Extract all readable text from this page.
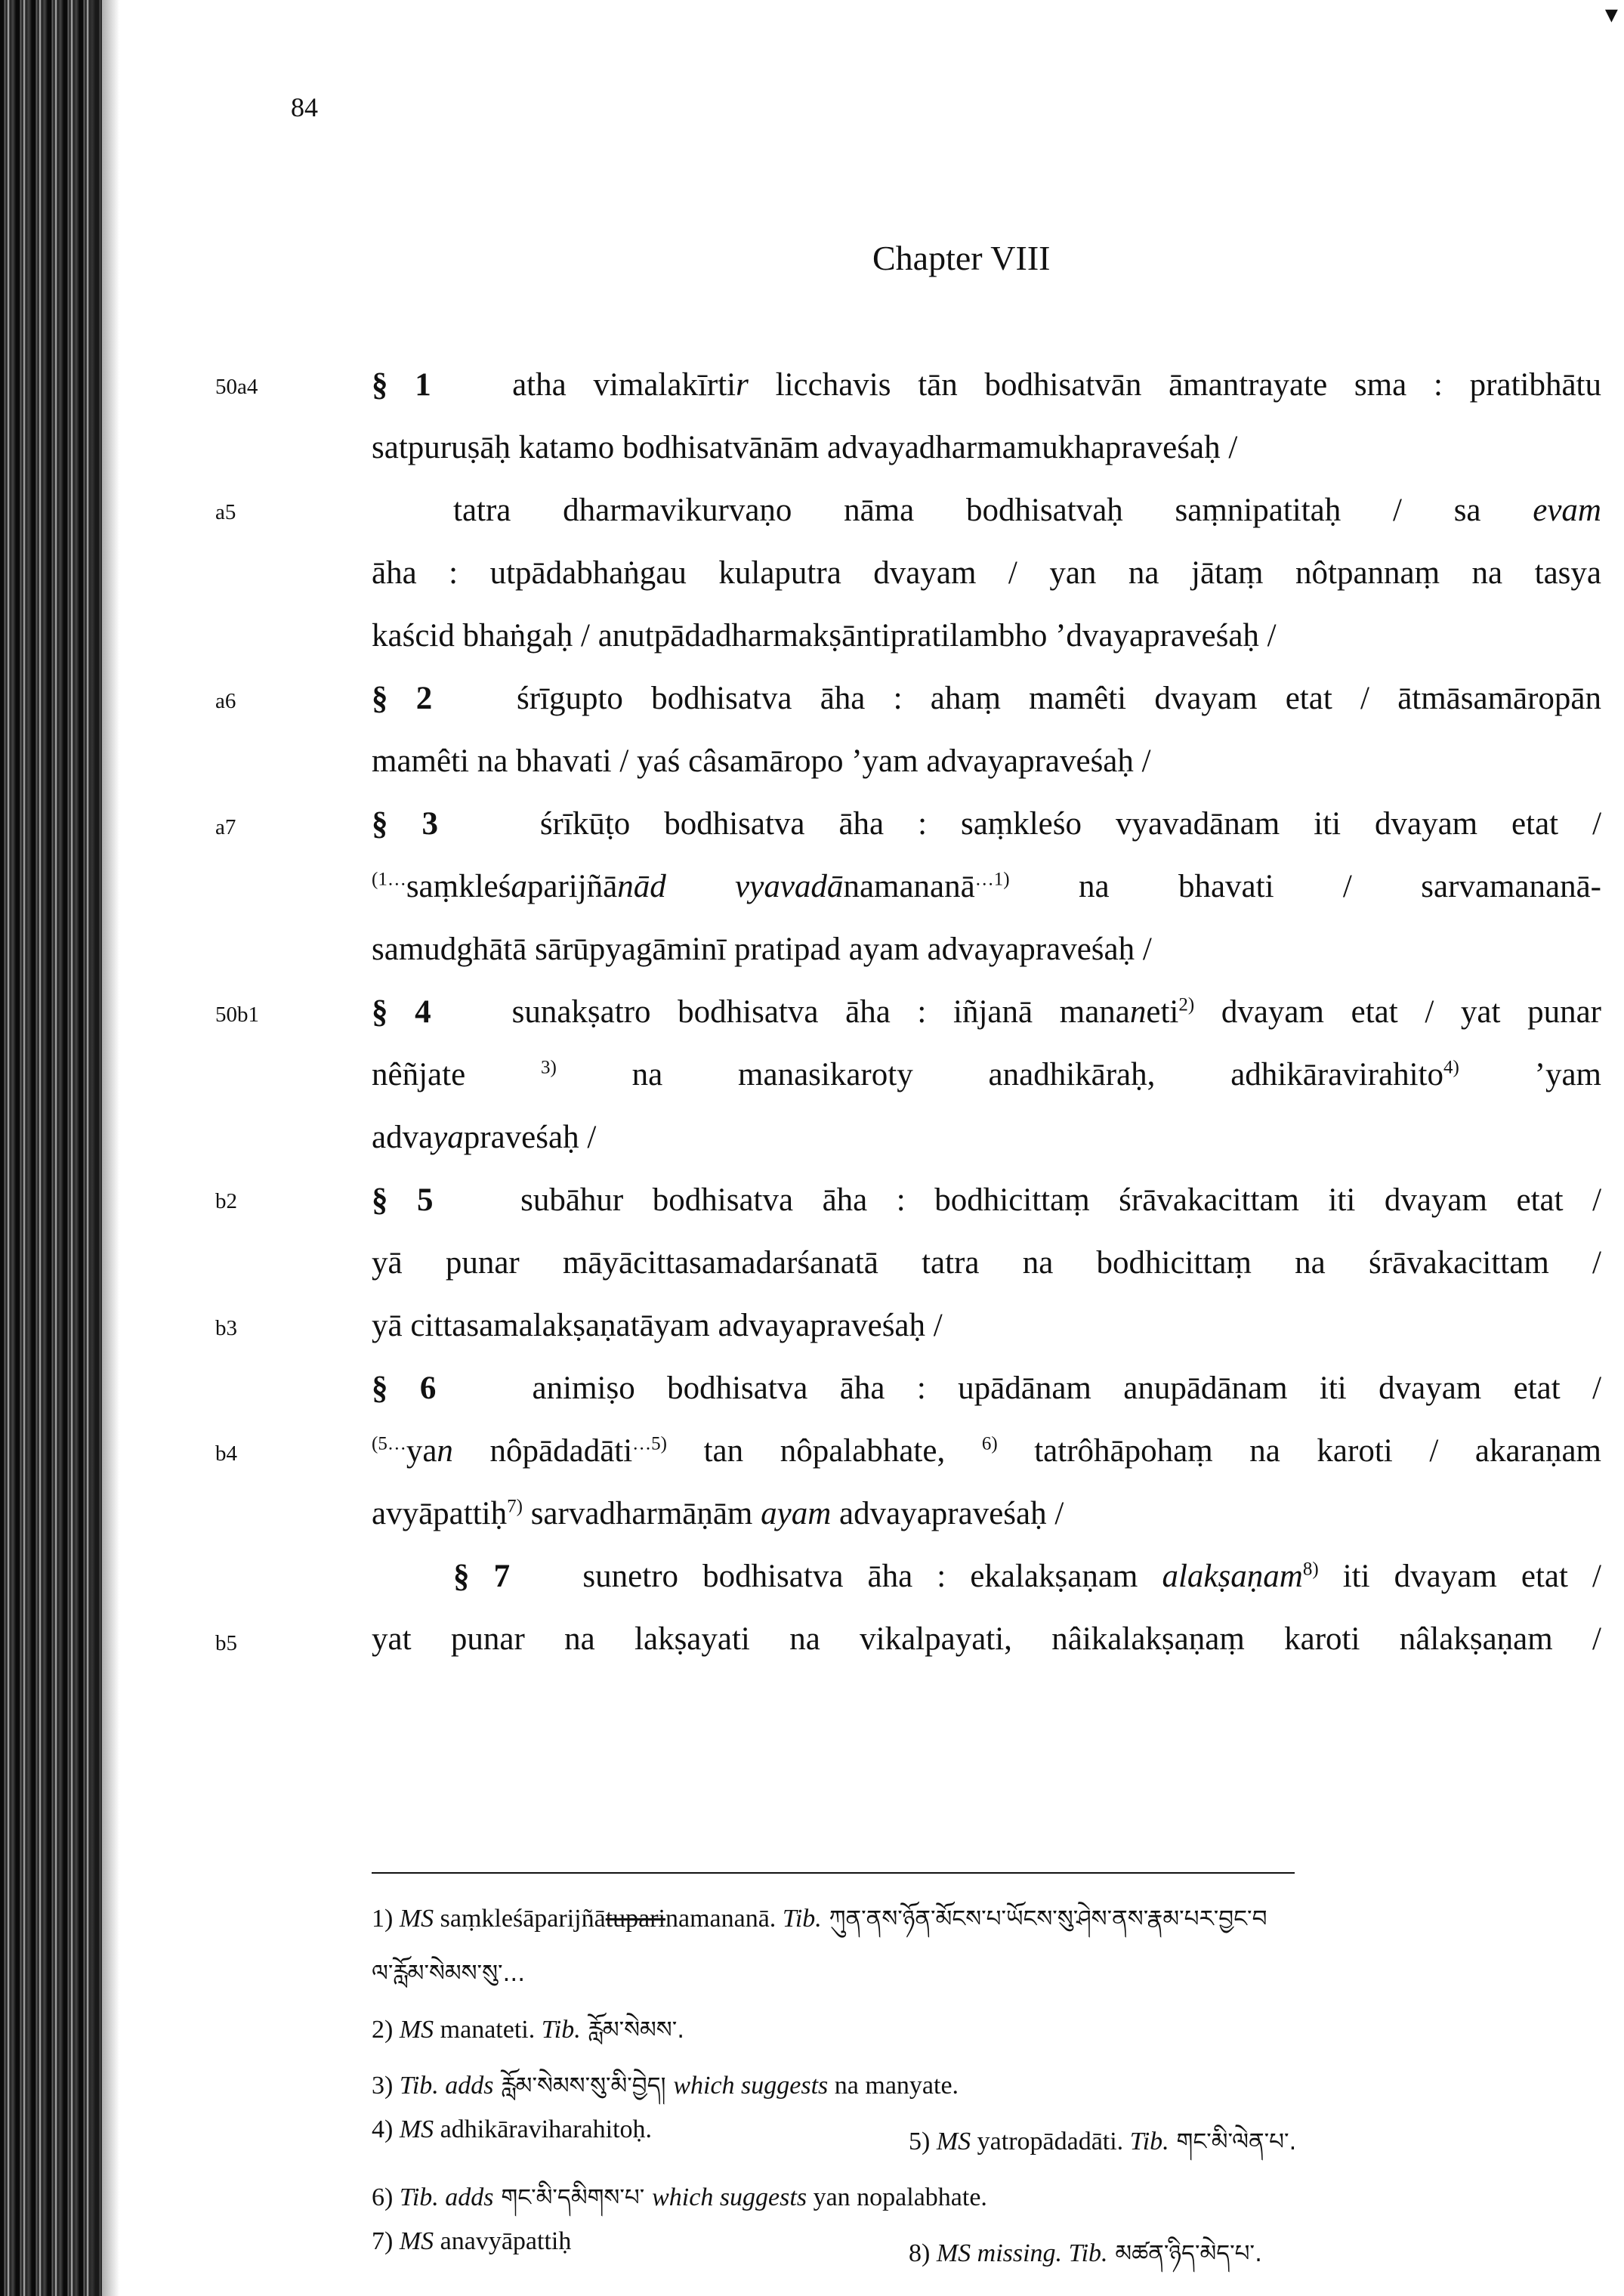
▾
84
Chapter VIII
50a4
a5
a6
a7
50b1
b2
b3
b4
b5
§ 1 atha vimalakīrtir licchavis tān bodhisatvān āmantrayate sma : pratibhātu
satpuruṣāḥ katamo bodhisatvānām advayadharmamukhapraveśaḥ /
tatra dharmavikurvaṇo nāma bodhisatvaḥ saṃnipatitaḥ / sa evam
āha : utpādabhaṅgau kulaputra dvayam / yan na jātaṃ nôtpannaṃ na tasya
kaścid bhaṅgaḥ / anutpādadharmakṣāntipratilambho ’dvayapraveśaḥ /
§ 2	śrīgupto bodhisatva āha : ahaṃ mamêti dvayam etat / ātmāsamāropān
mamêti na bhavati / yaś câsamāropo ’yam advayapraveśaḥ /
§ 3	śrīkūṭo bodhisatva āha : saṃkleśo vyavadānam iti dvayam etat /
$^{(1\dots}$saṃkleśaparijñānād vyavadānamananā$^{\dots 1)}$ na bhavati / sarvamananā-
samudghātā sārūpyagāminī pratipad ayam advayapraveśaḥ /
§ 4 sunakṣatro bodhisatva āha : iñjanā mananeti$^{2)}$ dvayam etat / yat punar
nêñjate $^{3)}$ na manasikaroty anadhikāraḥ, adhikāravirahito$^{4)}$ ’yam
advayapraveśaḥ /
§ 5	subāhur bodhisatva āha : bodhicittaṃ śrāvakacittam iti dvayam etat /
yā punar māyācittasamadarśanatā tatra na bodhicittaṃ na śrāvakacittam /
yā cittasamalakṣaṇatāyam advayapraveśaḥ /
§ 6	animiṣo bodhisatva āha : upādānam anupādānam iti dvayam etat /
$^{(5\dots}$yan nôpādadāti$^{\dots 5)}$ tan nôpalabhate, $^{6)}$ tatrôhāpohaṃ na karoti / akaraṇam
avyāpattiḥ$^{7)}$ sarvadharmāṇām ayam advayapraveśaḥ /
§ 7 sunetro bodhisatva āha : ekalakṣaṇam alakṣaṇam$^{8)}$ iti dvayam etat /
yat punar na lakṣayati na vikalpayati, nâikalakṣaṇaṃ karoti nâlakṣaṇam /
1) MS saṃkleśāparijñātuparinamananā. Tib. ཀུན་ནས་ཉོན་མོངས་པ་ཡོངས་སུ་ཤེས་ནས་རྣམ་པར་བྱང་བ
ལ་རློམ་སེམས་སུ་...
2) MS manateti. Tib. རློམ་སེམས་.
3) Tib. adds རློམ་སེམས་སུ་མི་བྱེད། which suggests na manyate.
4) MS adhikāraviharahitoḥ.	5) MS yatropādadāti. Tib. གང་མི་ལེན་པ་.
6) Tib. adds གང་མི་དམིགས་པ་ which suggests yan nopalabhate.
7) MS anavyāpattiḥ	8) MS missing. Tib. མཚན་ཉིད་མེད་པ་.
